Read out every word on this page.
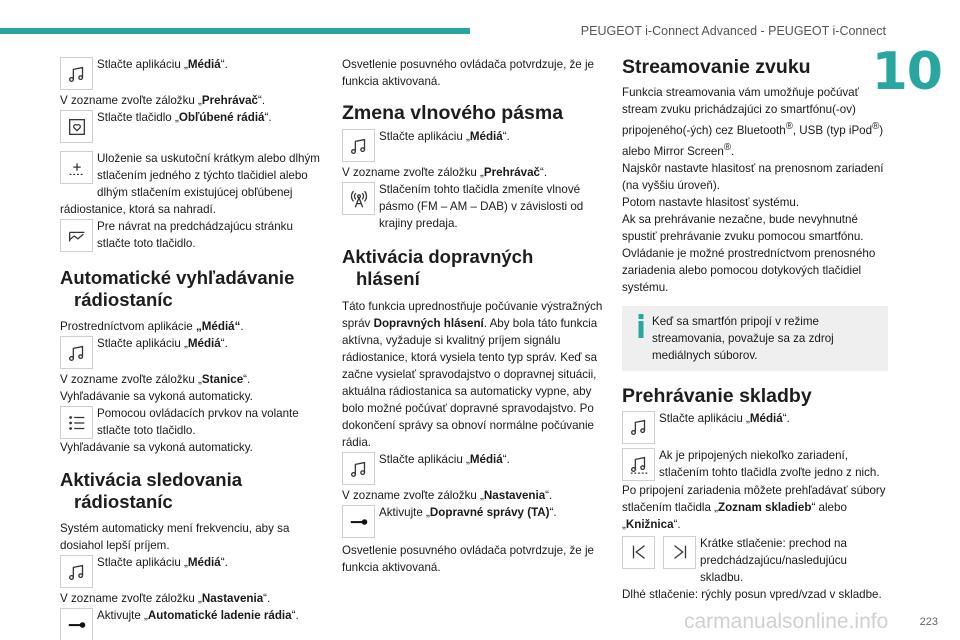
PEUGEOT i-Connect Advanced - PEUGEOT i-Connect
10
223

Stlačte aplikáciu „Médiá“.

V zozname zvoľte záložku „Prehrávač“.

Stlačte tlačidlo „Obľúbené rádiá“.

Uloženie sa uskutoční krátkym alebo dlhým stlačením jedného z týchto tlačidiel alebo dlhým stlačením existujúcej obľúbenej rádiostanice, ktorá sa nahradí.

Pre návrat na predchádzajúcu stránku stlačte toto tlačidlo.

Automatické vyhľadávanie
rádiostaníc

Prostredníctvom aplikácie „Médiá“.

Stlačte aplikáciu „Médiá“.

V zozname zvoľte záložku „Stanice“.

Vyhľadávanie sa vykoná automaticky.

Pomocou ovládacích prvkov na volante stlačte toto tlačidlo.

Vyhľadávanie sa vykoná automaticky.

Aktivácia sledovania
rádiostaníc

Systém automaticky mení frekvenciu, aby sa dosiahol lepší príjem.

Stlačte aplikáciu „Médiá“.

V zozname zvoľte záložku „Nastavenia“.

Aktivujte „Automatické ladenie rádia“.

Osvetlenie posuvného ovládača potvrdzuje, že je funkcia aktivovaná.

Zmena vlnového pásma

Stlačte aplikáciu „Médiá“.

V zozname zvoľte záložku „Prehrávač“.

Stlačením tohto tlačidla zmeníte vlnové pásmo (FM – AM – DAB) v závislosti od krajiny predaja.

Aktivácia dopravných
hlásení

Táto funkcia uprednostňuje počúvanie výstražných správ Dopravných hlásení. Aby bola táto funkcia aktívna, vyžaduje si kvalitný príjem signálu rádiostanice, ktorá vysiela tento typ správ. Keď sa začne vysielať spravodajstvo o dopravnej situácii, aktuálna rádiostanica sa automaticky vypne, aby bolo možné počúvať dopravné spravodajstvo. Po dokončení správy sa obnoví normálne počúvanie rádia.

Stlačte aplikáciu „Médiá“.

V zozname zvoľte záložku „Nastavenia“.

Aktivujte „Dopravné správy (TA)“.

Osvetlenie posuvného ovládača potvrdzuje, že je funkcia aktivovaná.

Streamovanie zvuku

Funkcia streamovania vám umožňuje počúvať stream zvuku prichádzajúci zo smartfónu(-ov) pripojeného(-ých) cez Bluetooth®, USB (typ iPod®) alebo Mirror Screen®.

Najskôr nastavte hlasitosť na prenosnom zariadení (na vyššiu úroveň).

Potom nastavte hlasitosť systému.

Ak sa prehrávanie nezačne, bude nevyhnutné spustiť prehrávanie zvuku pomocou smartfónu.

Ovládanie je možné prostredníctvom prenosného zariadenia alebo pomocou dotykových tlačidiel systému.

Keď sa smartfón pripojí v režime streamovania, považuje sa za zdroj mediálnych súborov.

Prehrávanie skladby

Stlačte aplikáciu „Médiá“.

Ak je pripojených niekoľko zariadení, stlačením tohto tlačidla zvoľte jedno z nich.

Po pripojení zariadenia môžete prehľadávať súbory stlačením tlačidla „Zoznam skladieb“ alebo „Knižnica“.

Krátke stlačenie: prechod na predchádzajúcu/nasledujúcu skladbu.

Dlhé stlačenie: rýchly posun vpred/vzad v skladbe.

carmanualsonline.info
